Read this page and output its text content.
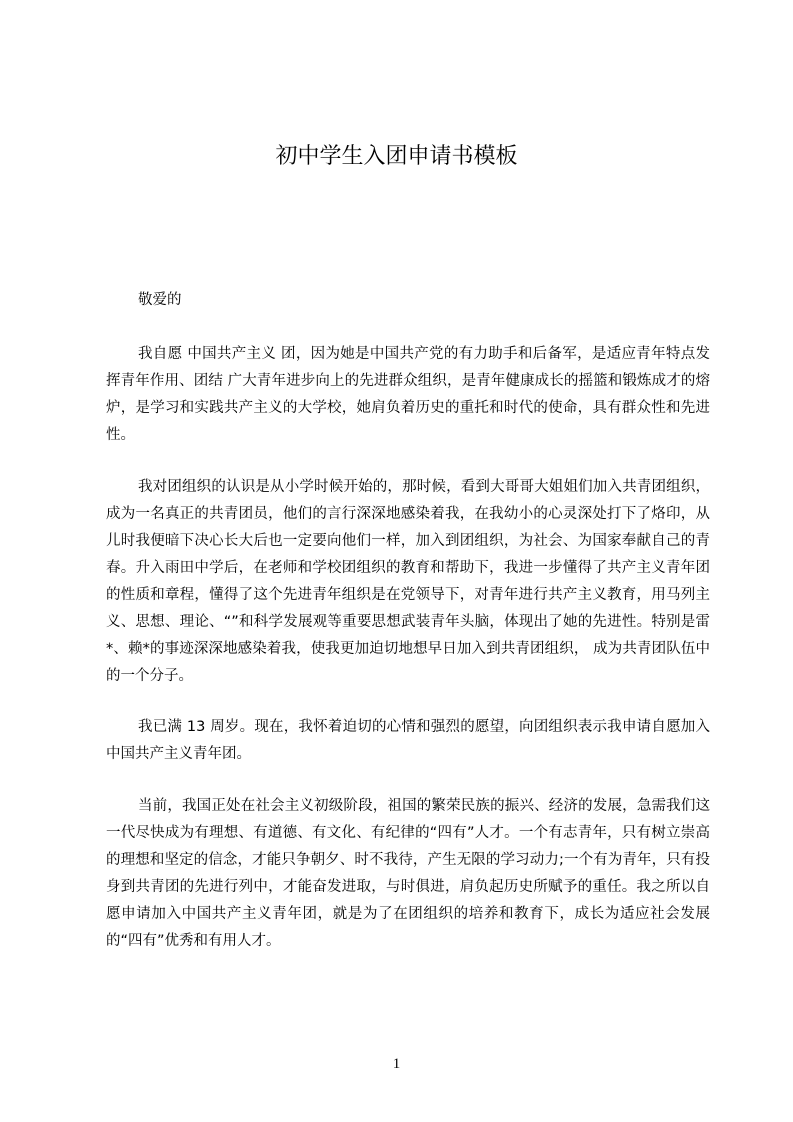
初中学生入团申请书模板
敬爱的

我自愿 中国共产主义 团，因为她是中国共产党的有力助手和后备军，是适应青年特点发挥青年作用、团结 广大青年进步向上的先进群众组织，是青年健康成长的摇篮和锻炼成才的熔炉，是学习和实践共产主义的大学校，她肩负着历史的重托和时代的使命，具有群众性和先进性。

我对团组织的认识是从小学时候开始的，那时候，看到大哥哥大姐姐们加入共青团组织，成为一名真正的共青团员，他们的言行深深地感染着我，在我幼小的心灵深处打下了烙印，从儿时我便暗下决心长大后也一定要向他们一样，加入到团组织，为社会、为国家奉献自己的青春。升入雨田中学后，在老师和学校团组织的教育和帮助下，我进一步懂得了共产主义青年团的性质和章程，懂得了这个先进青年组织是在党领导下，对青年进行共产主义教育，用马列主义、思想、理论、“”和科学发展观等重要思想武装青年头脑，体现出了她的先进性。特别是雷*、赖*的事迹深深地感染着我，使我更加迫切地想早日加入到共青团组织， 成为共青团队伍中的一个分子。

我已满 13 周岁。现在，我怀着迫切的心情和强烈的愿望，向团组织表示我申请自愿加入中国共产主义青年团。

当前，我国正处在社会主义初级阶段，祖国的繁荣民族的振兴、经济的发展，急需我们这一代尽快成为有理想、有道德、有文化、有纪律的“四有”人才。一个有志青年，只有树立崇高的理想和坚定的信念，才能只争朝夕、时不我待，产生无限的学习动力;一个有为青年，只有投身到共青团的先进行列中，才能奋发进取，与时俱进，肩负起历史所赋予的重任。我之所以自愿申请加入中国共产主义青年团，就是为了在团组织的培养和教育下，成长为适应社会发展的“四有”优秀和有用人才。

1
